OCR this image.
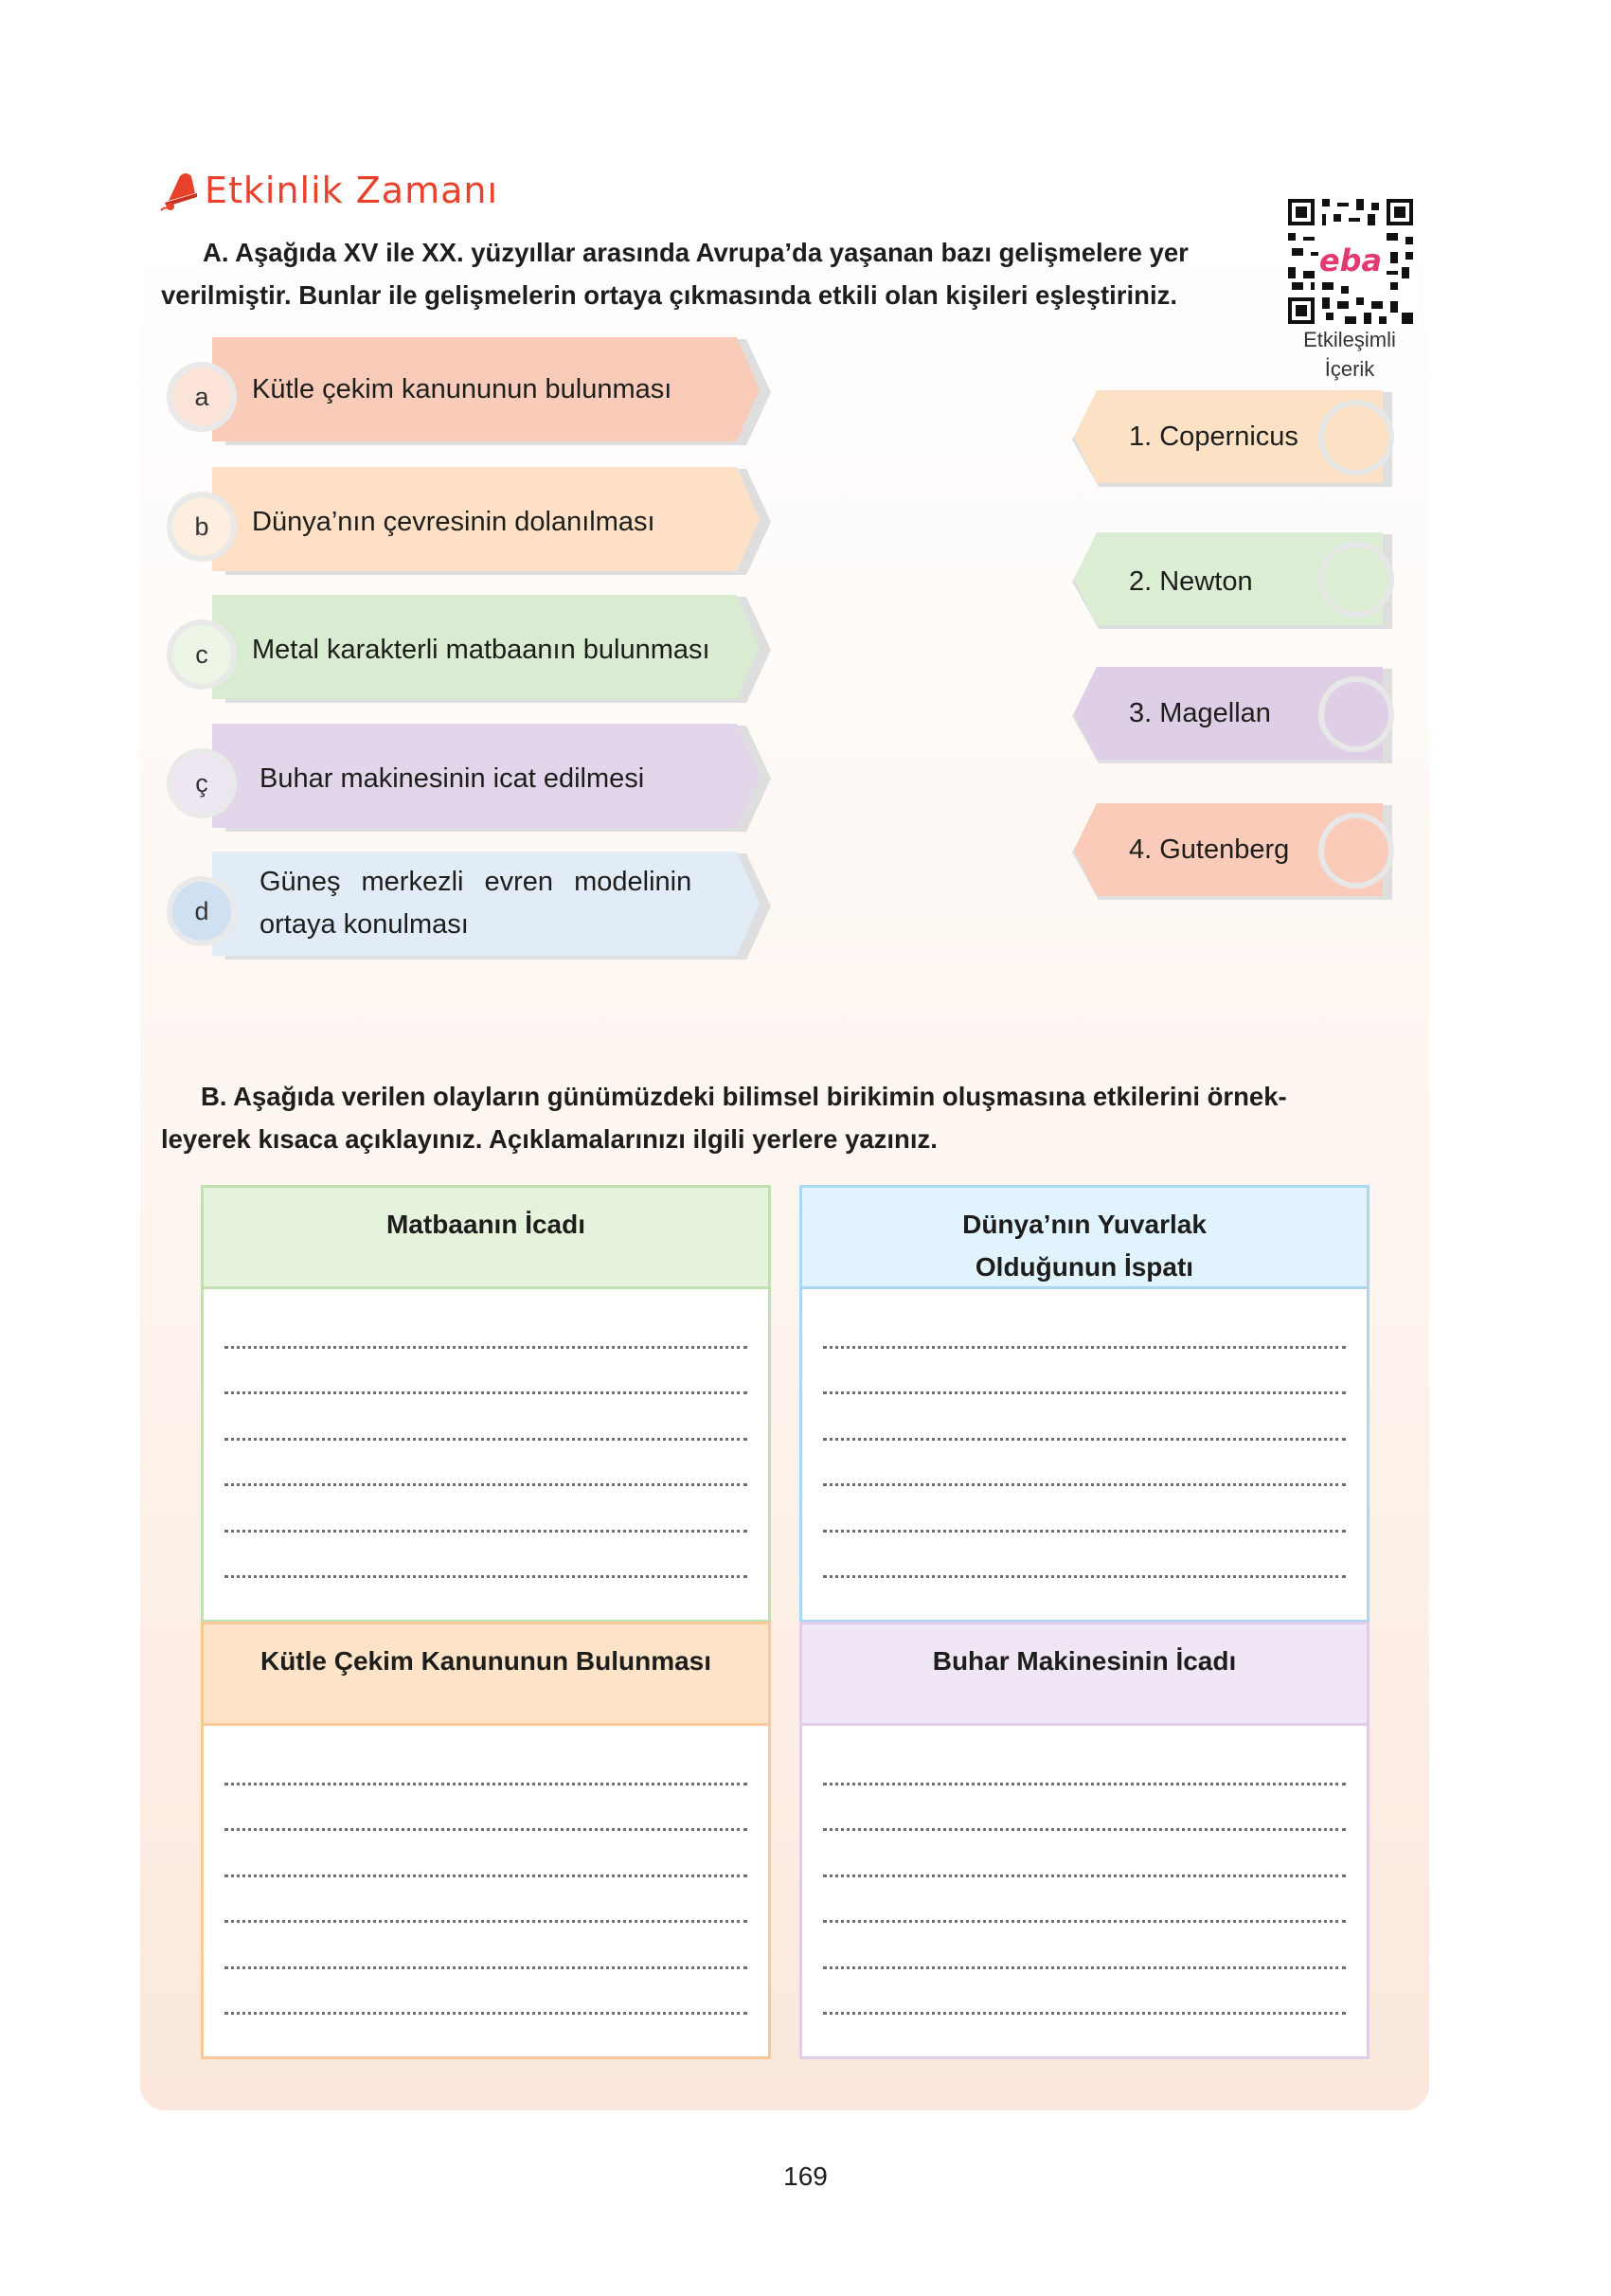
Etkinlik Zamanı
A. Aşağıda XV ile XX. yüzyıllar arasında Avrupa’da yaşanan bazı gelişmelere yer
verilmiştir. Bunlar ile gelişmelerin ortaya çıkmasında etkili olan kişileri eşleştiriniz.
eba
Etkileşimli
İçerik
a	Kütle çekim kanununun bulunması
b	Dünya’nın çevresinin dolanılması
c	Metal karakterli matbaanın bulunması
ç	Buhar makinesinin icat edilmesi
d
Güneş merkezli evren modelinin
ortaya konulması
1. Copernicus
2. Newton
3. Magellan
4. Gutenberg
B. Aşağıda verilen olayların günümüzdeki bilimsel birikimin oluşmasına etkilerini örnek-
leyerek kısaca açıklayınız. Açıklamalarınızı ilgili yerlere yazınız.
Matbaanın İcadı	Dünya’nın Yuvarlak
Olduğunun İspatı
Kütle Çekim Kanununun Bulunması	Buhar Makinesinin İcadı
169
